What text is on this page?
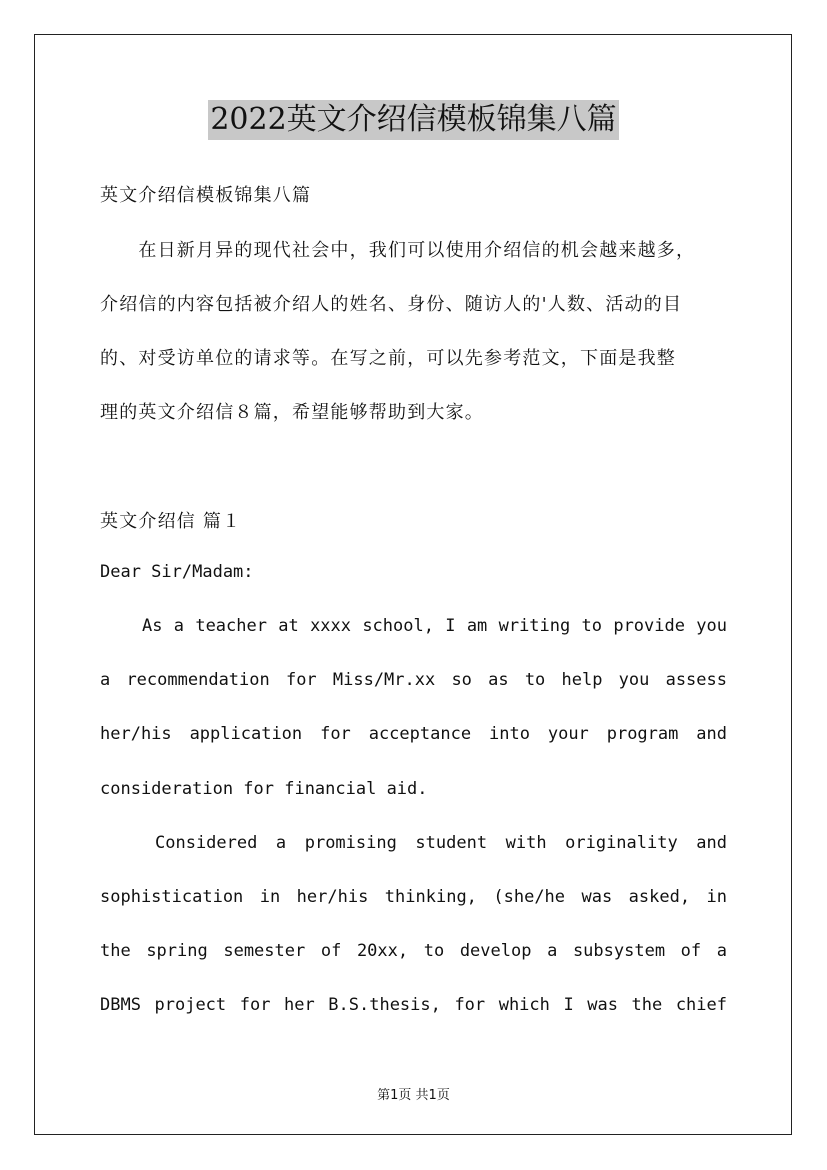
2022英文介绍信模板锦集八篇
英文介绍信模板锦集八篇
　　在日新月异的现代社会中，我们可以使用介绍信的机会越来越多，
介绍信的内容包括被介绍人的姓名、身份、随访人的'人数、活动的目
的、对受访单位的请求等。在写之前，可以先参考范文，下面是我整
理的英文介绍信８篇，希望能够帮助到大家。
英文介绍信 篇１
Dear Sir/Madam:
As a teacher at xxxx school, I am writing to provide you
a recommendation for Miss/Mr.xx so as to help you assess
her/his application for acceptance into your program and
consideration for financial aid.
Considered a promising student with originality and
sophistication in her/his thinking, (she/he was asked, in
the spring semester of 20xx, to develop a subsystem of a
DBMS project for her B.S.thesis, for which I was the chief
第1页 共1页
